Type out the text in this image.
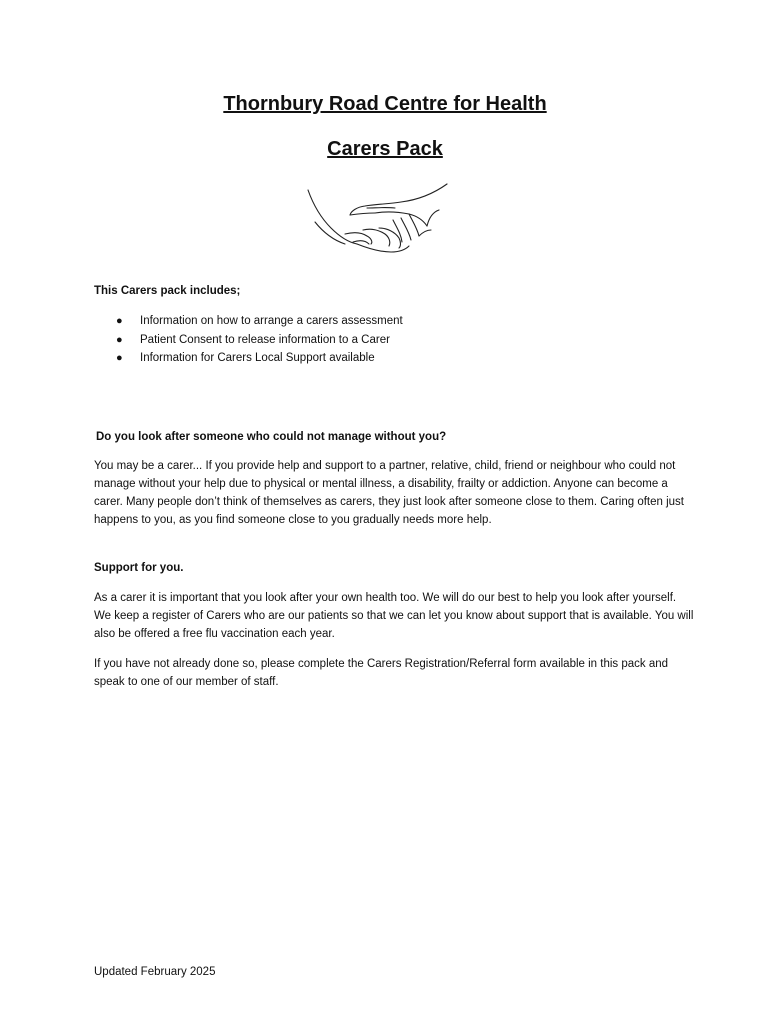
Thornbury Road Centre for Health
Carers Pack

This Carers pack includes;

● Information on how to arrange a carers assessment
● Patient Consent to release information to a Carer
● Information for Carers Local Support available

Do you look after someone who could not manage without you?

You may be a carer... If you provide help and support to a partner, relative, child, friend or neighbour who could not manage without your help due to physical or mental illness, a disability, frailty or addiction. Anyone can become a carer. Many people don’t think of themselves as carers, they just look after someone close to them. Caring often just happens to you, as you find someone close to you gradually needs more help.

Support for you.

As a carer it is important that you look after your own health too. We will do our best to help you look after yourself. We keep a register of Carers who are our patients so that we can let you know about support that is available. You will also be offered a free flu vaccination each year.

If you have not already done so, please complete the Carers Registration/Referral form available in this pack and speak to one of our member of staff.

Updated February 2025
